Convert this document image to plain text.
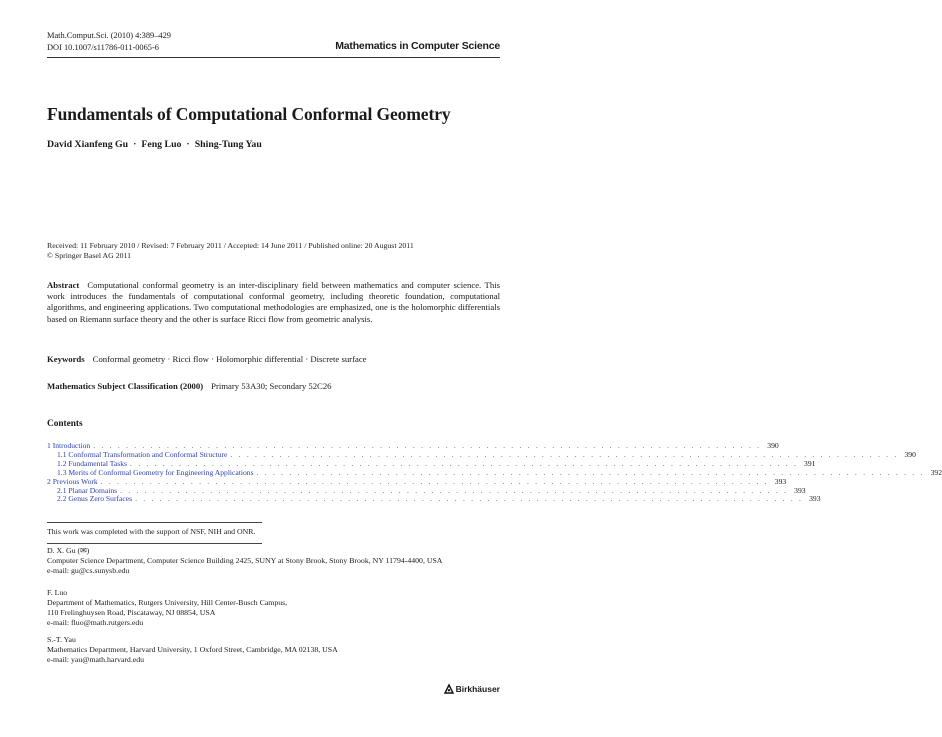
Math.Comput.Sci. (2010) 4:389–429
DOI 10.1007/s11786-011-0065-6	Mathematics in Computer Science
Fundamentals of Computational Conformal Geometry
David Xianfeng Gu · Feng Luo · Shing-Tung Yau
Received: 11 February 2010 / Revised: 7 February 2011 / Accepted: 14 June 2011 / Published online: 20 August 2011
© Springer Basel AG 2011
Abstract Computational conformal geometry is an inter-disciplinary field between mathematics and computer science. This work introduces the fundamentals of computational conformal geometry, including theoretic foundation, computational algorithms, and engineering applications. Two computational methodologies are emphasized, one is the holomorphic differentials based on Riemann surface theory and the other is surface Ricci flow from geometric analysis.
Keywords Conformal geometry · Ricci flow · Holomorphic differential · Discrete surface
Mathematics Subject Classification (2000) Primary 53A30; Secondary 52C26
Contents
1 Introduction . . . . . . . . . . . . . . . . . . . . . . . . . . . . . . . . . . . . . . . . . . . . . . . . . . . . . . . . . . . . . . . . . . . . . . . . . . . . . . . . . . 390
1.1 Conformal Transformation and Conformal Structure . . . . . . . . . . . . . . . . . . . . . . . . . . . . . . . . . . . . . . . . . . . . . . . . . . . . . . . . . . . . . . . . . . . . . . . . . . . . . . . . . . 390
1.2 Fundamental Tasks . . . . . . . . . . . . . . . . . . . . . . . . . . . . . . . . . . . . . . . . . . . . . . . . . . . . . . . . . . . . . . . . . . . . . . . . . . . . . . . . . . 391
1.3 Merits of Conformal Geometry for Engineering Applications . . . . . . . . . . . . . . . . . . . . . . . . . . . . . . . . . . . . . . . . . . . . . . . . . . . . . . . . . . . . . . . . . . . . . . . . . . . . . . . . . . 392
2 Previous Work . . . . . . . . . . . . . . . . . . . . . . . . . . . . . . . . . . . . . . . . . . . . . . . . . . . . . . . . . . . . . . . . . . . . . . . . . . . . . . . . . . 393
2.1 Planar Domains . . . . . . . . . . . . . . . . . . . . . . . . . . . . . . . . . . . . . . . . . . . . . . . . . . . . . . . . . . . . . . . . . . . . . . . . . . . . . . . . . . 393
2.2 Genus Zero Surfaces . . . . . . . . . . . . . . . . . . . . . . . . . . . . . . . . . . . . . . . . . . . . . . . . . . . . . . . . . . . . . . . . . . . . . . . . . . . . . . . . . . 393
This work was completed with the support of NSF, NIH and ONR.
D. X. Gu (✉)
Computer Science Department, Computer Science Building 2425, SUNY at Stony Brook, Stony Brook, NY 11794-4400, USA
e-mail: gu@cs.sunysb.edu
F. Luo
Department of Mathematics, Rutgers University, Hill Center-Busch Campus,
110 Frelinghuysen Road, Piscataway, NJ 08854, USA
e-mail: fluo@math.rutgers.edu
S.-T. Yau
Mathematics Department, Harvard University, 1 Oxford Street, Cambridge, MA 02138, USA
e-mail: yau@math.harvard.edu
Birkhäuser
